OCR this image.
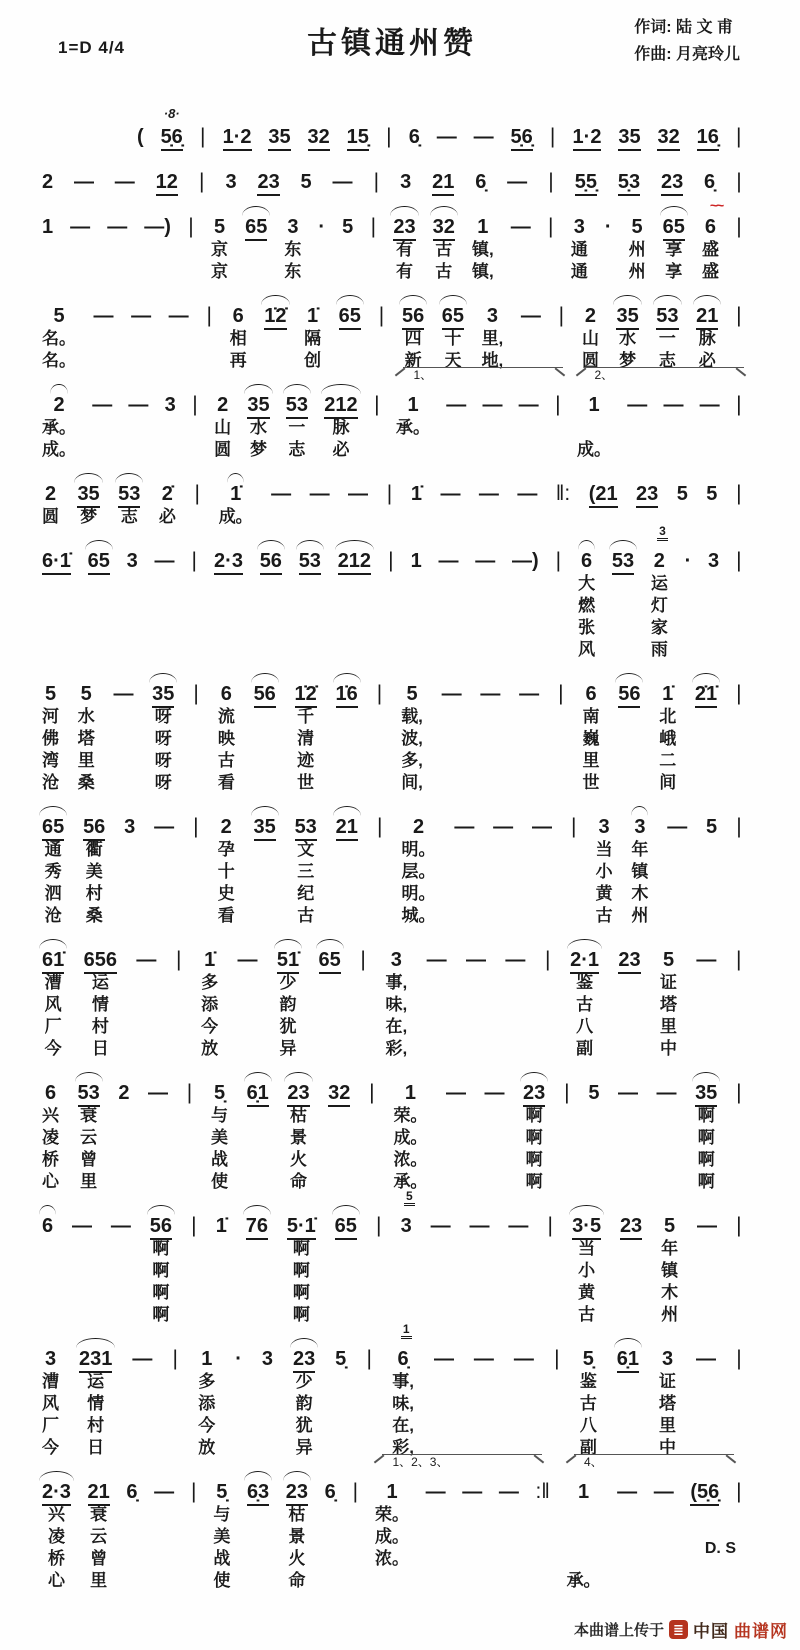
1=D 4/4	古镇通州赞	作词: 陆 文 甫
作曲: 月亮玲儿
( 5̣6̣
·8·
| 1·2 35 32 15̣ | 6̣ — — 5̣6̣ | 1·2 35 32 16̣ |
2 — — 12 | 3 23 5 — | 3 21 6̣ — | 5̣5̣ 5̣3 23 6̣ |
1 — — —) | 5
京
京
65 3
东
东
· 5 | 23
有
有
32
古
古
1
镇,
镇,
— | 3
通
通
· 5
州
州
65
享
享
6
~~
盛
盛
|
5
名。
名。
— — — | 6
相
再
1̇2̇ 1̇
隔
创
65 | 56
四
新
65
十
天
3
里,
地,
— | 2
山
圆
35
水
梦
53
一
志
21
脉
必
|
2
承。
成。
— — 3 | 2
山
圆
35
水
梦
53
一
志
212
脉
必
| 1
1、
承。
— — — | 1
2、
成。
— — — |
2
圆
35
梦
53
志
2̇
必
| 1̇
成。
— — — | 1̇ — — — ‖: (21 23 5 5 |
6·1̇ 65 3 — | 2·3 56 53 212 | 1 — — —) | 6
大
燃
张
风
53 2
3
运
灯
家
雨
· 3 |
5
河
佛
湾
沧
5
水
塔
里
桑
— 35
呀
呀
呀
呀
| 6
流
映
古
看
56 1̇2̇
千
清
迹
世
1̇6 | 5
载,
波,
多,
间,
— — — | 6
南
巍
里
世
56 1̇
北
峨
二
间
2̇1̇ |
65
通
秀
泗
沧
56
衢
美
村
桑
3 — | 2
孕
十
史
看
35 53
文
三
纪
古
21 | 2
明。
层。
明。
城。
— — — | 3
当
小
黄
古
3
年
镇
木
州
— 5 |
61̇
漕
风
厂
今
656
运
情
村
日
— | 1̇
多
添
今
放
— 51̇
少
韵
犹
异
65 | 3
事,
味,
在,
彩,
— — — | 2·1
鉴
古
八
副
23 5
证
塔
里
中
— |
6
兴
凌
桥
心
53
衰
云
曾
里
2 — | 5̣
与
美
战
使
6̣1 23
枯
景
火
命
32 | 1
荣。
成。
浓。
承。
— — 23
啊
啊
啊
啊
| 5 — — 35
啊
啊
啊
啊
|
6 — — 56
啊
啊
啊
啊
| 1̇ 76 5·1̇
啊
啊
啊
啊
65 | 3
5
— — — | 3·5
当
小
黄
古
23 5
年
镇
木
州
— |
3
漕
风
厂
今
231
运
情
村
日
— | 1
多
添
今
放
· 3 23
少
韵
犹
异
5̣ | 6̣
1
事,
味,
在,
彩,
— — — | 5̣
鉴
古
八
副
6̣1 3
证
塔
里
中
— |
2·3
兴
凌
桥
心
21
衰
云
曾
里
6̣ — | 5̣
与
美
战
使
6̣3 23
枯
景
火
命
6̣ | 1
1、2、3、
荣。
成。
浓。
— — — :‖ 1
4、
承。
— — (5̣6̣ |
D. S
本曲谱上传于 ≣ 中国 曲谱网
